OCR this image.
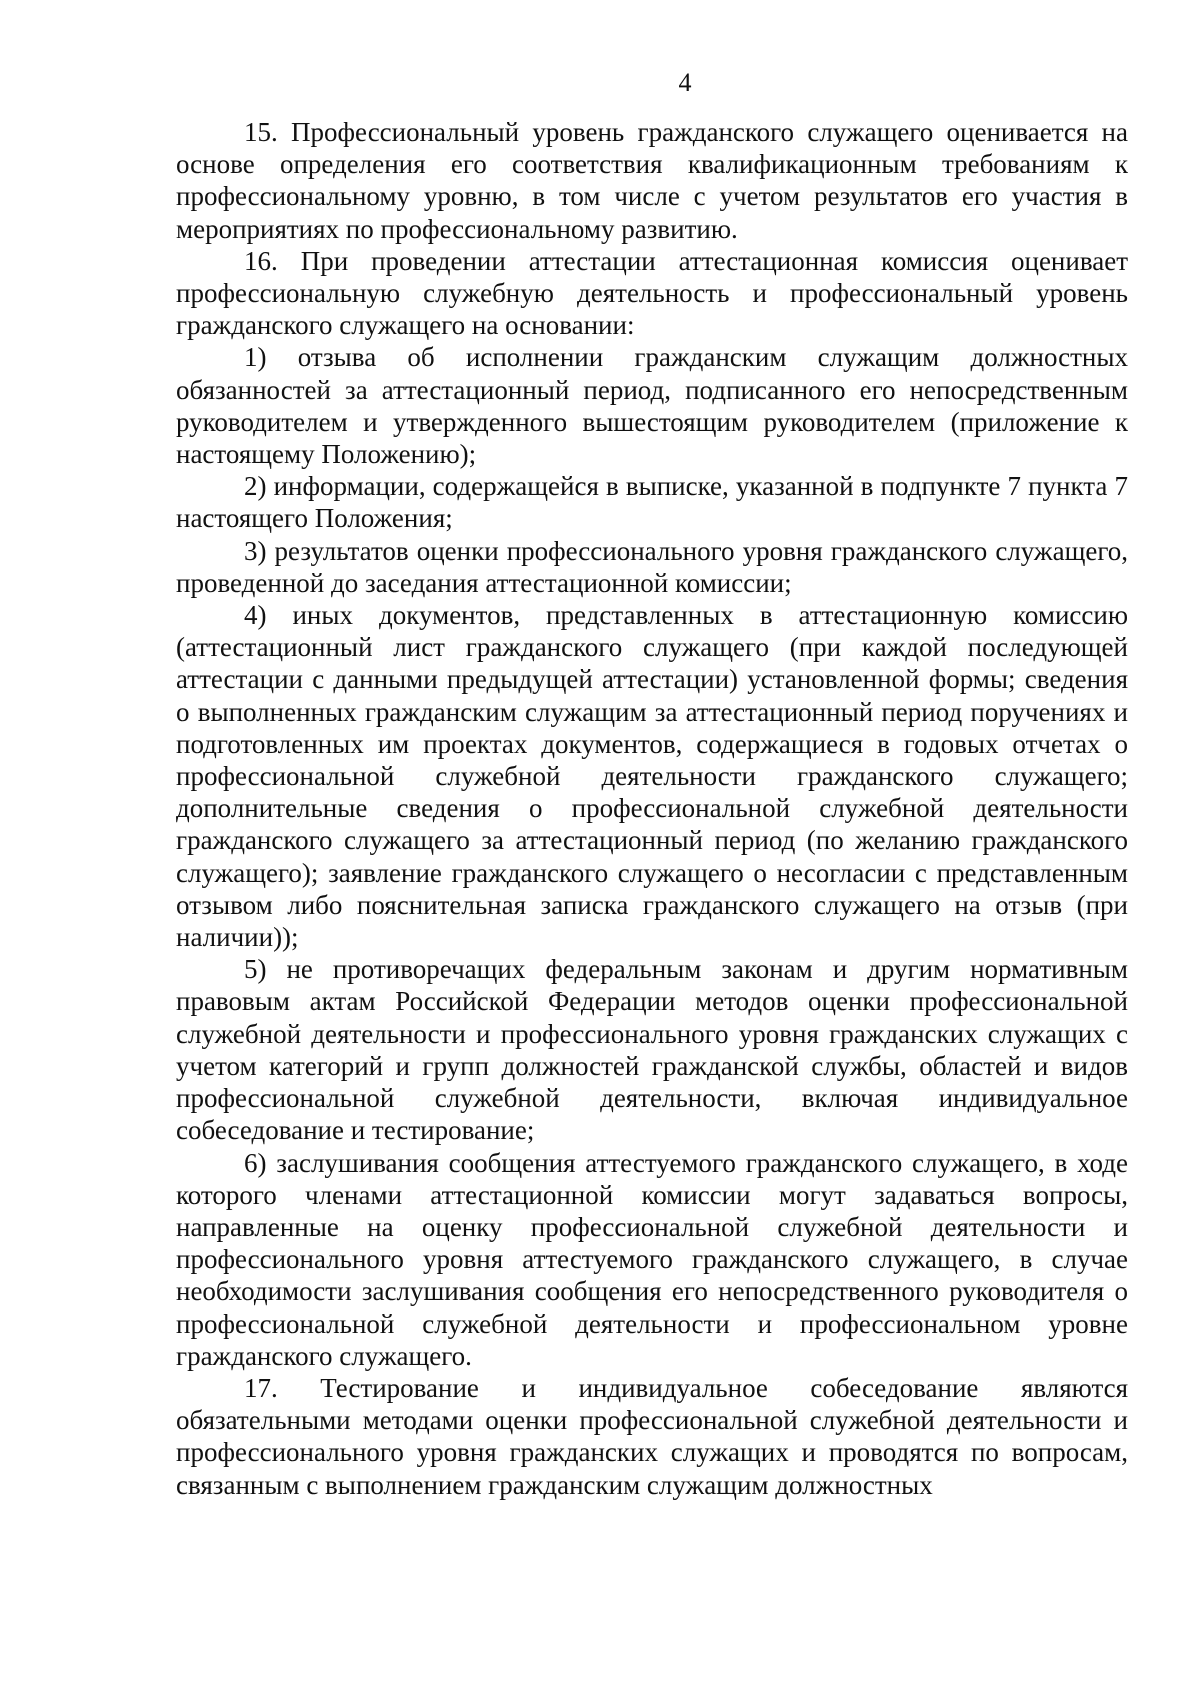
4

15. Профессиональный уровень гражданского служащего оценивается на основе определения его соответствия квалификационным требованиям к профессиональному уровню, в том числе с учетом результатов его участия в мероприятиях по профессиональному развитию.

16. При проведении аттестации аттестационная комиссия оценивает профессиональную служебную деятельность и профессиональный уровень гражданского служащего на основании:

1) отзыва об исполнении гражданским служащим должностных обязанностей за аттестационный период, подписанного его непосредственным руководителем и утвержденного вышестоящим руководителем (приложение к настоящему Положению);

2) информации, содержащейся в выписке, указанной в подпункте 7 пункта 7 настоящего Положения;

3) результатов оценки профессионального уровня гражданского служащего, проведенной до заседания аттестационной комиссии;

4) иных документов, представленных в аттестационную комиссию (аттестационный лист гражданского служащего (при каждой последующей аттестации с данными предыдущей аттестации) установленной формы; сведения о выполненных гражданским служащим за аттестационный период поручениях и подготовленных им проектах документов, содержащиеся в годовых отчетах о профессиональной служебной деятельности гражданского служащего; дополнительные сведения о профессиональной служебной деятельности гражданского служащего за аттестационный период (по желанию гражданского служащего); заявление гражданского служащего о несогласии с представленным отзывом либо пояснительная записка гражданского служащего на отзыв (при наличии));

5) не противоречащих федеральным законам и другим нормативным правовым актам Российской Федерации методов оценки профессиональной служебной деятельности и профессионального уровня гражданских служащих с учетом категорий и групп должностей гражданской службы, областей и видов профессиональной служебной деятельности, включая индивидуальное собеседование и тестирование;

6) заслушивания сообщения аттестуемого гражданского служащего, в ходе которого членами аттестационной комиссии могут задаваться вопросы, направленные на оценку профессиональной служебной деятельности и профессионального уровня аттестуемого гражданского служащего, в случае необходимости заслушивания сообщения его непосредственного руководителя о профессиональной служебной деятельности и профессиональном уровне гражданского служащего.

17. Тестирование и индивидуальное собеседование являются обязательными методами оценки профессиональной служебной деятельности и профессионального уровня гражданских служащих и проводятся по вопросам, связанным с выполнением гражданским служащим должностных
